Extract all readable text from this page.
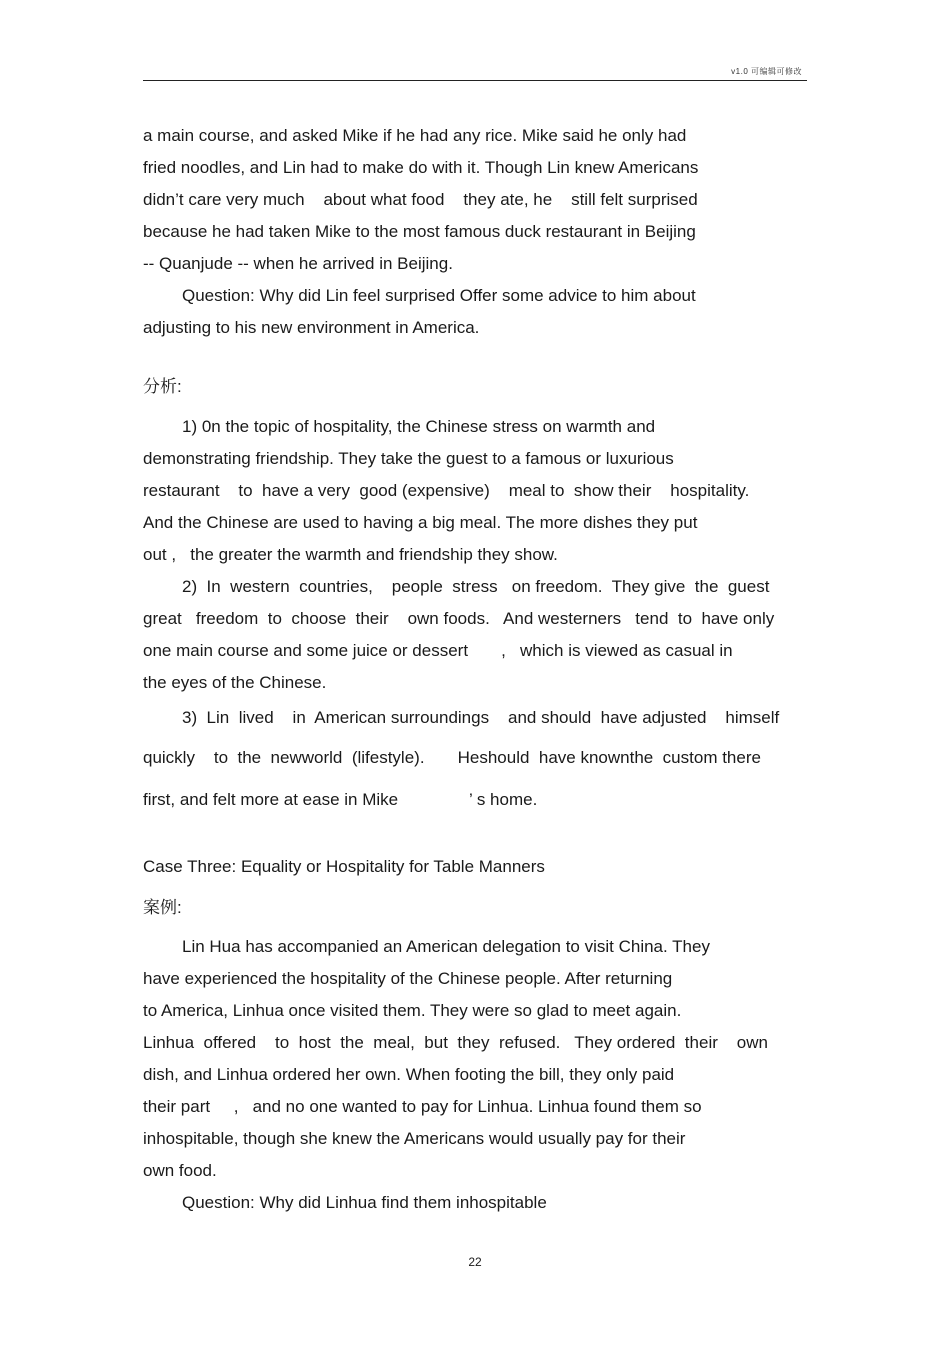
v1.0 可编辑可修改
a main course, and asked Mike if he had any rice. Mike said he only had
fried noodles, and Lin had to make do with it. Though Lin knew Americans
didn’t care very much    about what food    they ate, he    still felt surprised
because he had taken Mike to the most famous duck restaurant in Beijing
-- Quanjude -- when he arrived in Beijing.
Question: Why did Lin feel surprised Offer some advice to him about
adjusting to his new environment in America.
分析:
1) 0n the topic of hospitality, the Chinese stress on warmth and
demonstrating friendship. They take the guest to a famous or luxurious
restaurant    to  have a very  good (expensive)    meal to  show their    hospitality.
And the Chinese are used to having a big meal. The more dishes they put
out ,   the greater the warmth and friendship they show.
2)  In  western  countries,    people  stress   on freedom.  They give  the  guest
great   freedom  to  choose  their    own foods.   And westerners   tend  to  have only
one main course and some juice or dessert       ,   which is viewed as casual in
the eyes of the Chinese.
3)  Lin  lived    in  American surroundings    and should  have adjusted    himself
quickly    to  the  newworld  (lifestyle).       Heshould  have knownthe  custom there
first, and felt more at ease in Mike               ’ s home.
Case Three: Equality or Hospitality for Table Manners
案例:
Lin Hua has accompanied an American delegation to visit China. They
have experienced the hospitality of the Chinese people. After returning
to America, Linhua once visited them. They were so glad to meet again.
Linhua  offered    to  host  the  meal,  but  they  refused.   They ordered  their    own
dish, and Linhua ordered her own. When footing the bill, they only paid
their part     ,   and no one wanted to pay for Linhua. Linhua found them so
inhospitable, though she knew the Americans would usually pay for their
own food.
Question: Why did Linhua find them inhospitable
22
